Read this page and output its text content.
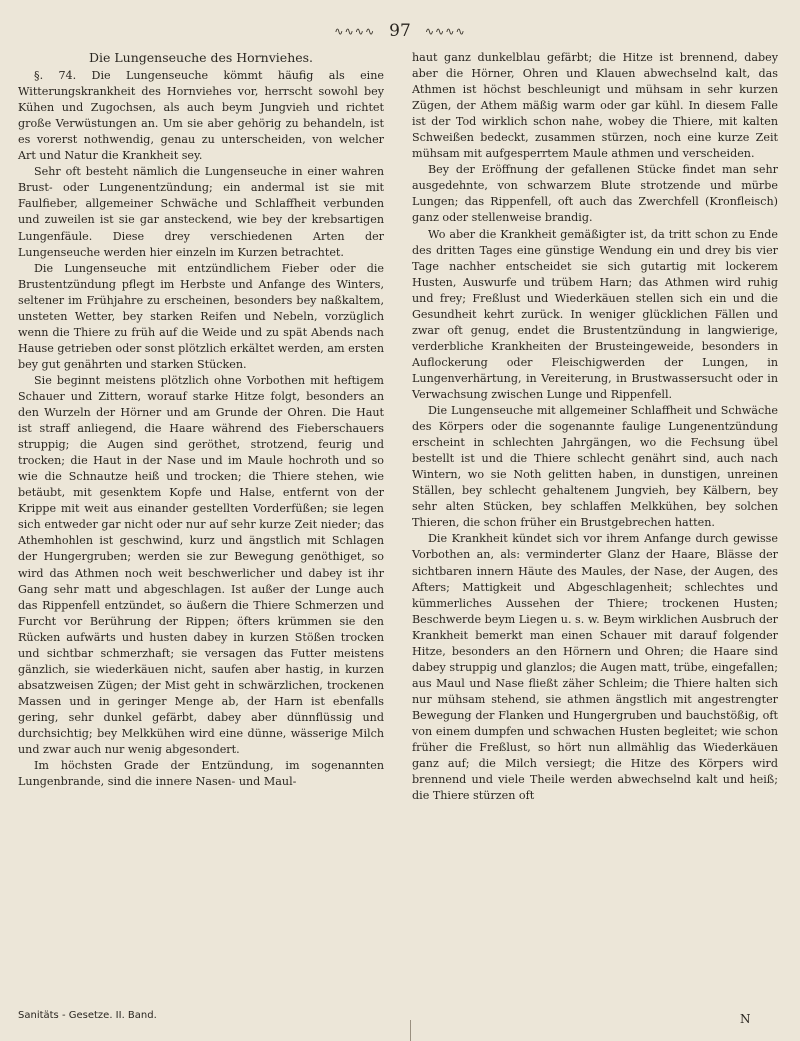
∿∿∿∿ 97 ∿∿∿∿

Die Lungenseuche des Hornviehes.

§. 74. Die Lungenseuche kömmt häufig als eine Witterungskrankheit des Hornviehes vor, herrscht sowohl bey Kühen und Zugochsen, als auch beym Jungvieh und richtet große Verwüstungen an. Um sie aber gehörig zu behandeln, ist es vorerst nothwendig, genau zu unterscheiden, von welcher Art und Natur die Krankheit sey.

Sehr oft besteht nämlich die Lungenseuche in einer wahren Brust- oder Lungenentzündung; ein andermal ist sie mit Faulfieber, allgemeiner Schwäche und Schlaffheit verbunden und zuweilen ist sie gar ansteckend, wie bey der krebsartigen Lungenfäule. Diese drey verschiedenen Arten der Lungenseuche werden hier einzeln im Kurzen betrachtet.

Die Lungenseuche mit entzündlichem Fieber oder die Brustentzündung pflegt im Herbste und Anfange des Winters, seltener im Frühjahre zu erscheinen, besonders bey naßkaltem, unsteten Wetter, bey starken Reifen und Nebeln, vorzüglich wenn die Thiere zu früh auf die Weide und zu spät Abends nach Hause getrieben oder sonst plötzlich erkältet werden, am ersten bey gut genährten und starken Stücken.

Sie beginnt meistens plötzlich ohne Vorbothen mit heftigem Schauer und Zittern, worauf starke Hitze folgt, besonders an den Wurzeln der Hörner und am Grunde der Ohren. Die Haut ist straff anliegend, die Haare während des Fieberschauers struppig; die Augen sind geröthet, strotzend, feurig und trocken; die Haut in der Nase und im Maule hochroth und so wie die Schnautze heiß und trocken; die Thiere stehen, wie betäubt, mit gesenktem Kopfe und Halse, entfernt von der Krippe mit weit aus einander gestellten Vorderfüßen; sie legen sich entweder gar nicht oder nur auf sehr kurze Zeit nieder; das Athemhohlen ist geschwind, kurz und ängstlich mit Schlagen der Hungergruben; werden sie zur Bewegung genöthiget, so wird das Athmen noch weit beschwerlicher und dabey ist ihr Gang sehr matt und abgeschlagen. Ist außer der Lunge auch das Rippenfell entzündet, so äußern die Thiere Schmerzen und Furcht vor Berührung der Rippen; öfters krümmen sie den Rücken aufwärts und husten dabey in kurzen Stößen trocken und sichtbar schmerzhaft; sie versagen das Futter meistens gänzlich, sie wiederkäuen nicht, saufen aber hastig, in kurzen absatzweisen Zügen; der Mist geht in schwärzlichen, trockenen Massen und in geringer Menge ab, der Harn ist ebenfalls gering, sehr dunkel gefärbt, dabey aber dünnflüssig und durchsichtig; bey Melkkühen wird eine dünne, wässerige Milch und zwar auch nur wenig abgesondert.

Im höchsten Grade der Entzündung, im sogenannten Lungenbrande, sind die innere Nasen- und Maul-

haut ganz dunkelblau gefärbt; die Hitze ist brennend, dabey aber die Hörner, Ohren und Klauen abwechselnd kalt, das Athmen ist höchst beschleunigt und mühsam in sehr kurzen Zügen, der Athem mäßig warm oder gar kühl. In diesem Falle ist der Tod wirklich schon nahe, wobey die Thiere, mit kalten Schweißen bedeckt, zusammen stürzen, noch eine kurze Zeit mühsam mit aufgesperrtem Maule athmen und verscheiden.

Bey der Eröffnung der gefallenen Stücke findet man sehr ausgedehnte, von schwarzem Blute strotzende und mürbe Lungen; das Rippenfell, oft auch das Zwerchfell (Kronfleisch) ganz oder stellenweise brandig.

Wo aber die Krankheit gemäßigter ist, da tritt schon zu Ende des dritten Tages eine günstige Wendung ein und drey bis vier Tage nachher entscheidet sie sich gutartig mit lockerem Husten, Auswurfe und trübem Harn; das Athmen wird ruhig und frey; Freßlust und Wiederkäuen stellen sich ein und die Gesundheit kehrt zurück. In weniger glücklichen Fällen und zwar oft genug, endet die Brustentzündung in langwierige, verderbliche Krankheiten der Brusteingeweide, besonders in Auflockerung oder Fleischigwerden der Lungen, in Lungenverhärtung, in Vereiterung, in Brustwassersucht oder in Verwachsung zwischen Lunge und Rippenfell.

Die Lungenseuche mit allgemeiner Schlaffheit und Schwäche des Körpers oder die sogenannte faulige Lungenentzündung erscheint in schlechten Jahrgängen, wo die Fechsung übel bestellt ist und die Thiere schlecht genährt sind, auch nach Wintern, wo sie Noth gelitten haben, in dunstigen, unreinen Ställen, bey schlecht gehaltenem Jungvieh, bey Kälbern, bey sehr alten Stücken, bey schlaffen Melkkühen, bey solchen Thieren, die schon früher ein Brustgebrechen hatten.

Die Krankheit kündet sich vor ihrem Anfange durch gewisse Vorbothen an, als: verminderter Glanz der Haare, Blässe der sichtbaren innern Häute des Maules, der Nase, der Augen, des Afters; Mattigkeit und Abgeschlagenheit; schlechtes und kümmerliches Aussehen der Thiere; trockenen Husten; Beschwerde beym Liegen u. s. w. Beym wirklichen Ausbruch der Krankheit bemerkt man einen Schauer mit darauf folgender Hitze, besonders an den Hörnern und Ohren; die Haare sind dabey struppig und glanzlos; die Augen matt, trübe, eingefallen; aus Maul und Nase fließt zäher Schleim; die Thiere halten sich nur mühsam stehend, sie athmen ängstlich mit angestrengter Bewegung der Flanken und Hungergruben und bauchstößig, oft von einem dumpfen und schwachen Husten begleitet; wie schon früher die Freßlust, so hört nun allmählig das Wiederkäuen ganz auf; die Milch versiegt; die Hitze des Körpers wird brennend und viele Theile werden abwechselnd kalt und heiß; die Thiere stürzen oft

Sanitäts - Gesetze. II. Band.	N
